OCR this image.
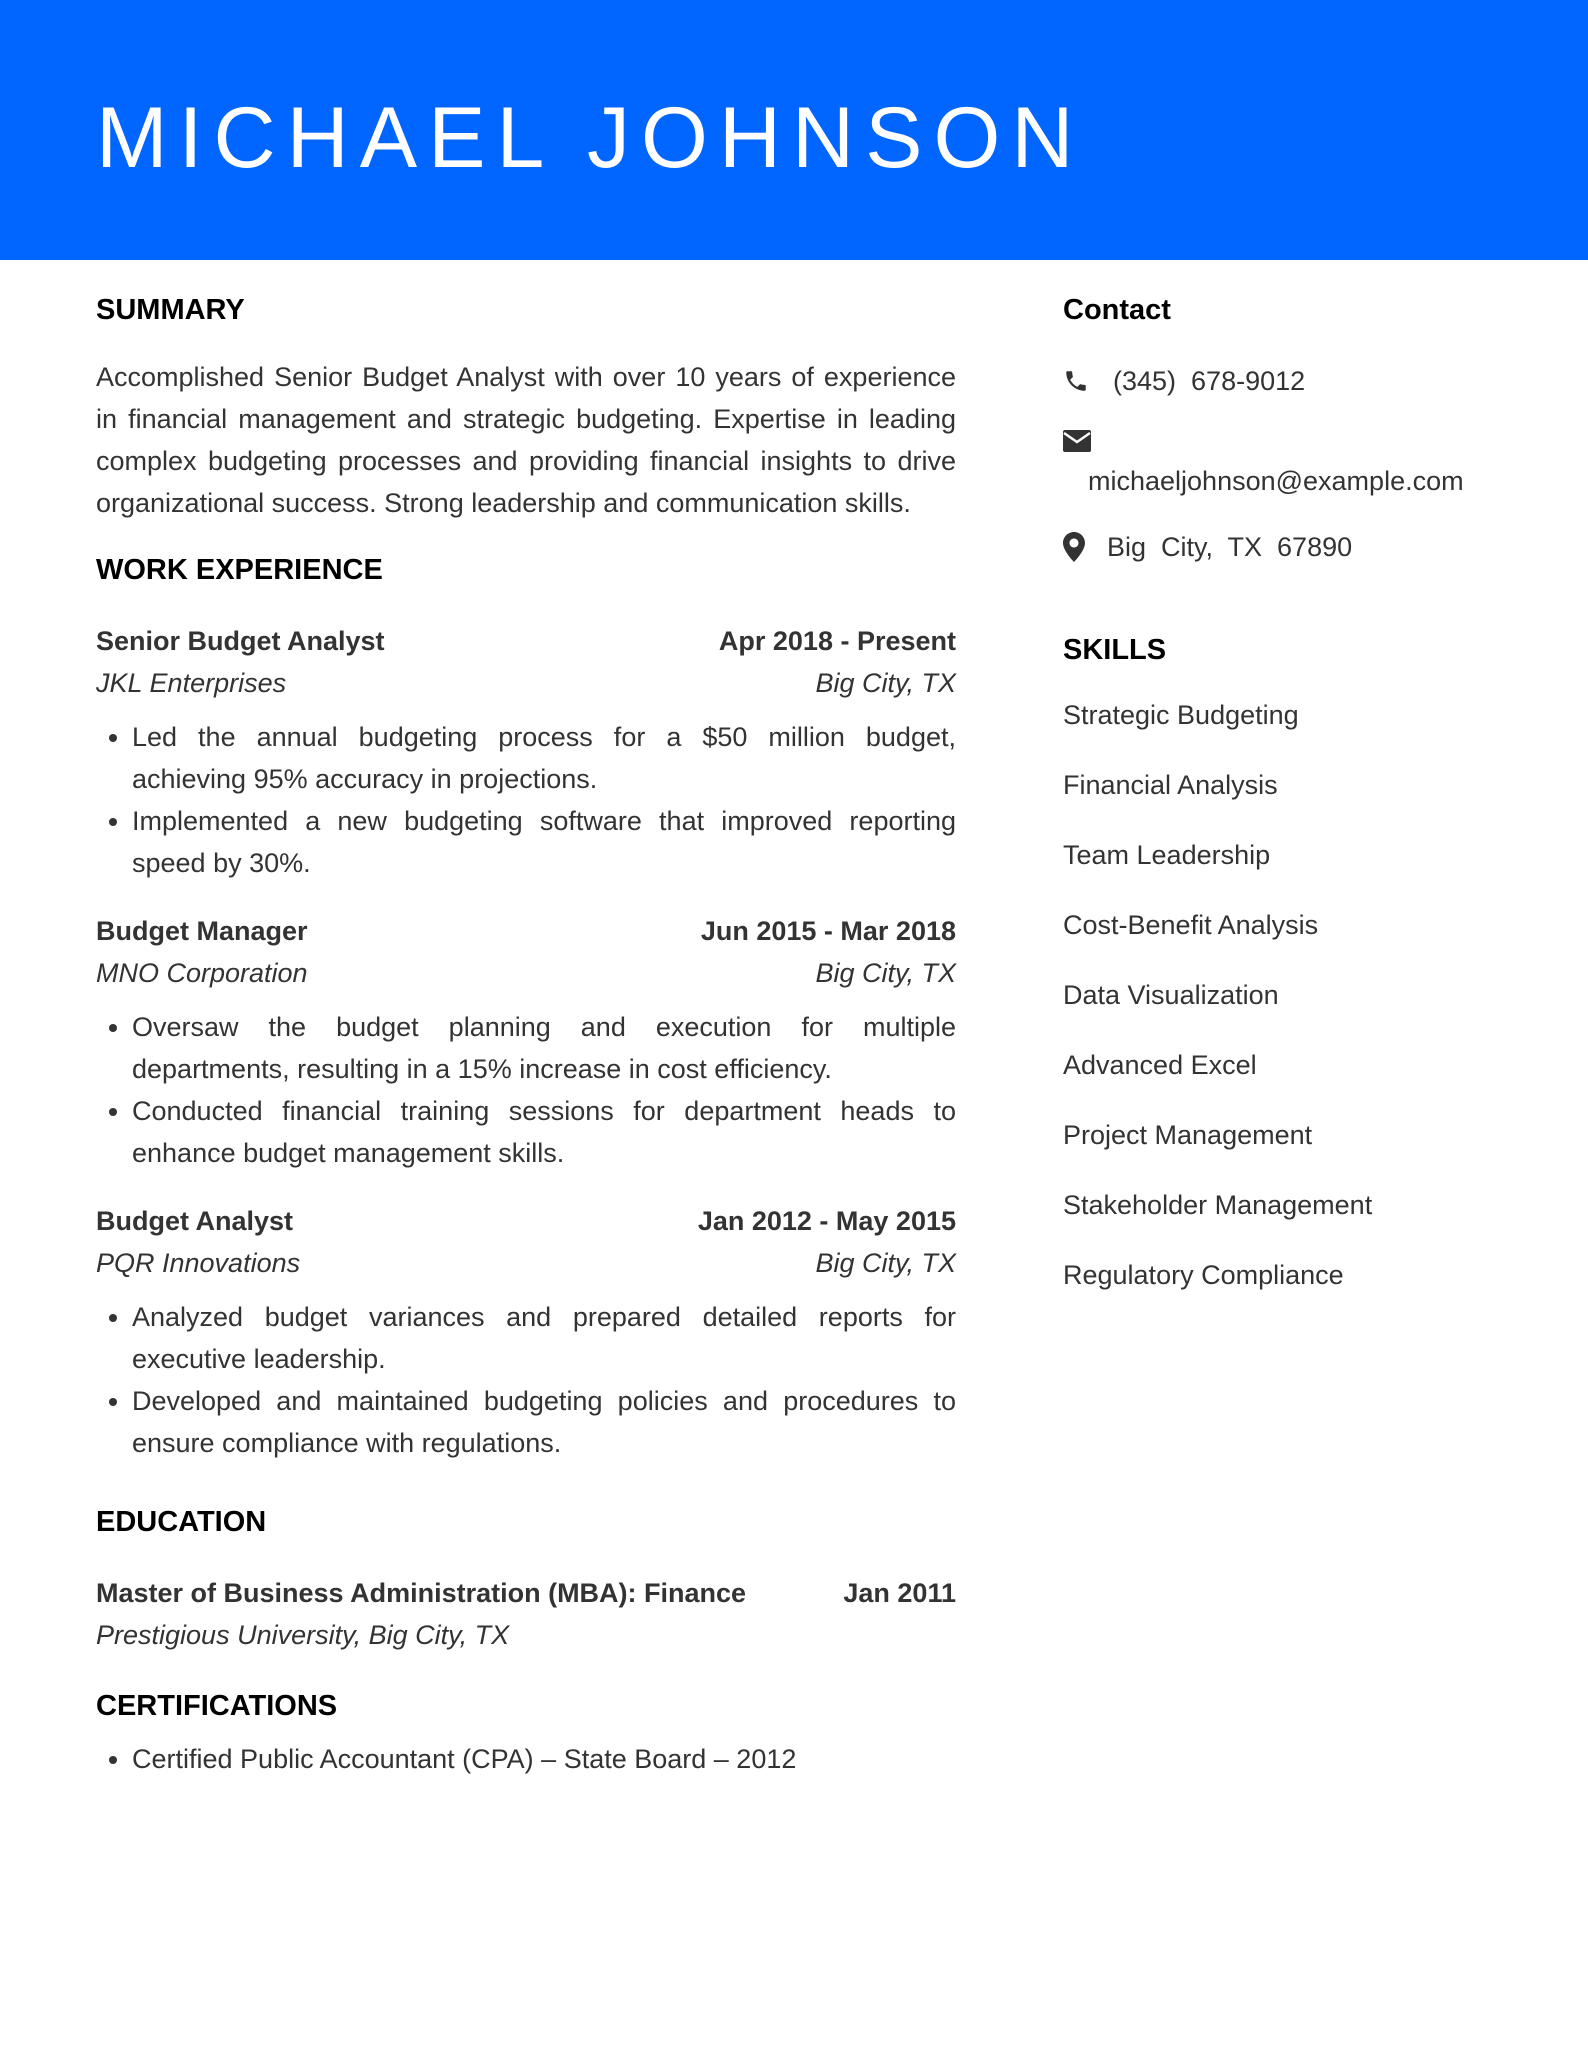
MICHAEL JOHNSON
SUMMARY

Accomplished Senior Budget Analyst with over 10 years of experience in financial management and strategic budgeting. Expertise in leading complex budgeting processes and providing financial insights to drive organizational success. Strong leadership and communication skills.

WORK EXPERIENCE
Senior Budget Analyst	Apr 2018 - Present
JKL Enterprises	Big City, TX
• Led the annual budgeting process for a $50 million budget, achieving 95% accuracy in projections.
• Implemented a new budgeting software that improved reporting speed by 30%.
Budget Manager	Jun 2015 - Mar 2018
MNO Corporation	Big City, TX
• Oversaw the budget planning and execution for multiple departments, resulting in a 15% increase in cost efficiency.
• Conducted financial training sessions for department heads to enhance budget management skills.
Budget Analyst	Jan 2012 - May 2015
PQR Innovations	Big City, TX
• Analyzed budget variances and prepared detailed reports for executive leadership.
• Developed and maintained budgeting policies and procedures to ensure compliance with regulations.
EDUCATION
Master of Business Administration (MBA): Finance	Jan 2011
Prestigious University, Big City, TX
CERTIFICATIONS
• Certified Public Accountant (CPA) – State Board – 2012
Contact
(345)  678-9012
michaeljohnson@example.com
Big  City,  TX  67890
SKILLS
Strategic Budgeting
Financial Analysis
Team Leadership
Cost-Benefit Analysis
Data Visualization
Advanced Excel
Project Management
Stakeholder Management
Regulatory Compliance
